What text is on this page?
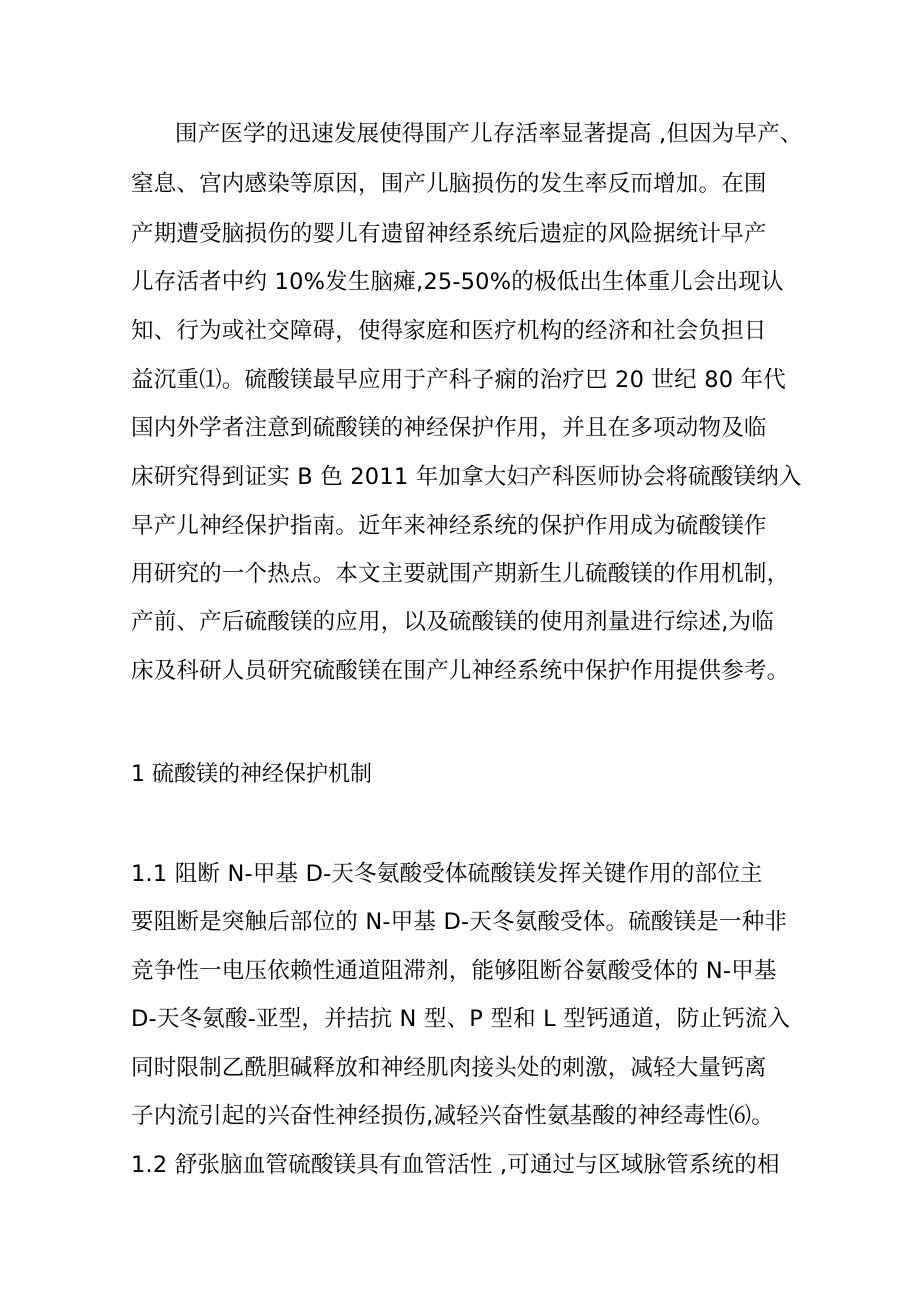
围产医学的迅速发展使得围产儿存活率显著提高 ,但因为早产、
窒息、宫内感染等原因，围产儿脑损伤的发生率反而增加。在围
产期遭受脑损伤的婴儿有遗留神经系统后遗症的风险据统计早产
儿存活者中约 10%发生脑瘫,25-50%的极低出生体重儿会出现认
知、行为或社交障碍，使得家庭和医疗机构的经济和社会负担日
益沉重⑴。硫酸镁最早应用于产科子痫的治疗巴 20 世纪 80 年代
国内外学者注意到硫酸镁的神经保护作用，并且在多项动物及临
床研究得到证实 B 色 2011 年加拿大妇产科医师协会将硫酸镁纳入
早产儿神经保护指南。近年来神经系统的保护作用成为硫酸镁作
用研究的一个热点。本文主要就围产期新生儿硫酸镁的作用机制，
产前、产后硫酸镁的应用，以及硫酸镁的使用剂量进行综述,为临
床及科研人员研究硫酸镁在围产儿神经系统中保护作用提供参考。
1 硫酸镁的神经保护机制
1.1 阻断 N-甲基 D-天冬氨酸受体硫酸镁发挥关键作用的部位主
要阻断是突触后部位的 N-甲基 D-天冬氨酸受体。硫酸镁是一种非
竞争性一电压依赖性通道阻滞剂，能够阻断谷氨酸受体的 N-甲基
D-天冬氨酸-亚型，并拮抗 N 型、P 型和 L 型钙通道，防止钙流入
同时限制乙酰胆碱释放和神经肌肉接头处的刺激，减轻大量钙离
子内流引起的兴奋性神经损伤,减轻兴奋性氨基酸的神经毒性⑹。
1.2 舒张脑血管硫酸镁具有血管活性 ,可通过与区域脉管系统的相
